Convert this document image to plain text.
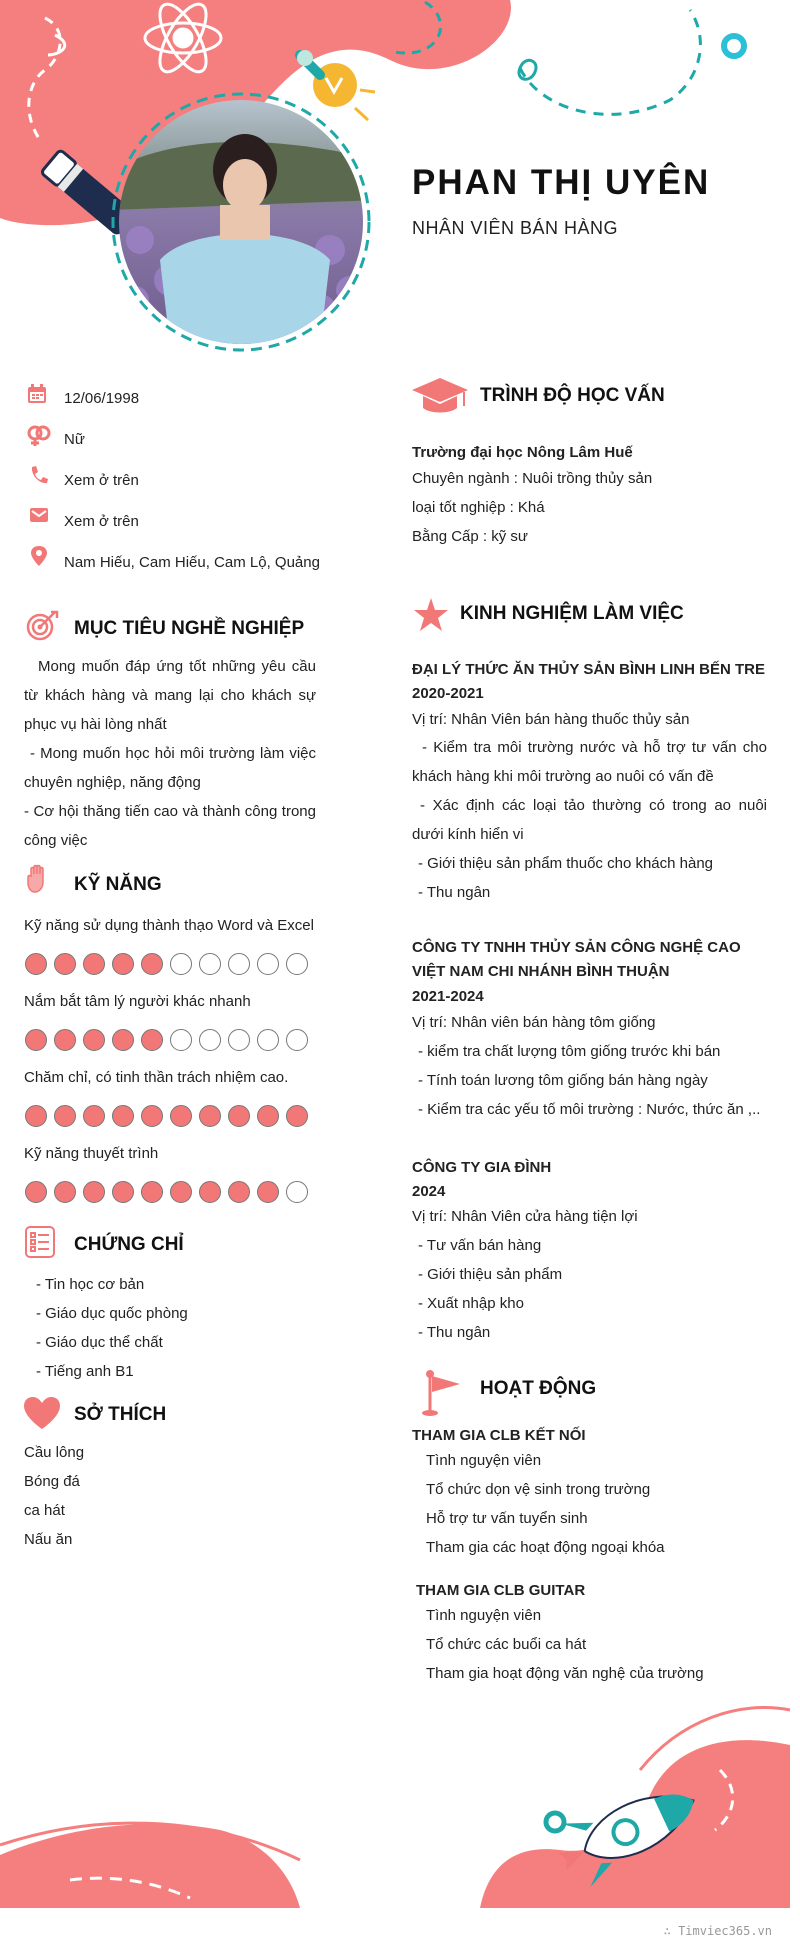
PHAN THỊ UYÊN
NHÂN VIÊN BÁN HÀNG
12/06/1998
Nữ
Xem ở trên
Xem ở trên
Nam Hiếu, Cam Hiếu, Cam Lộ, Quảng
MỤC TIÊU NGHỀ NGHIỆP
Mong muốn đáp ứng tốt những yêu cầu từ khách hàng và mang lại cho khách sự phục vụ hài lòng nhất
- Mong muốn học hỏi môi trường làm việc chuyên nghiệp, năng động
- Cơ hội thăng tiến cao và thành công trong công việc
KỸ NĂNG
Kỹ năng sử dụng thành thạo Word và Excel
Nắm bắt tâm lý người khác nhanh
Chăm chỉ, có tinh thần trách nhiệm cao.
Kỹ năng thuyết trình
CHỨNG CHỈ
- Tin học cơ bản
- Giáo dục quốc phòng
- Giáo dục thể chất
- Tiếng anh B1
SỞ THÍCH
Cầu lông
Bóng đá
ca hát
Nấu ăn
TRÌNH ĐỘ HỌC VẤN
Trường đại học Nông Lâm Huế
Chuyên ngành : Nuôi trồng thủy sản
loại tốt nghiệp : Khá
Bằng Cấp : kỹ sư
KINH NGHIỆM LÀM VIỆC
ĐẠI LÝ THỨC ĂN THỦY SẢN BÌNH LINH BẾN TRE
2020-2021
Vị trí: Nhân Viên bán hàng thuốc thủy sản
- Kiểm tra môi trường nước và hỗ trợ tư vấn cho khách hàng khi môi trường ao nuôi có vấn đề
- Xác định các loại tảo thường có trong ao nuôi dưới kính hiển vi
- Giới thiệu sản phẩm thuốc cho khách hàng
- Thu ngân
CÔNG TY TNHH THỦY SẢN CÔNG NGHỆ CAO VIỆT NAM CHI NHÁNH BÌNH THUẬN
2021-2024
Vị trí: Nhân viên bán hàng tôm giống
- kiểm tra chất lượng tôm giống trước khi bán
- Tính toán lương tôm giống bán hàng ngày
- Kiểm tra các yếu tố môi trường : Nước, thức ăn ,..
CÔNG TY GIA ĐÌNH
2024
Vị trí: Nhân Viên cửa hàng tiện lợi
- Tư vấn bán hàng
- Giới thiệu sản phẩm
- Xuất nhập kho
- Thu ngân
HOẠT ĐỘNG
THAM GIA CLB KẾT NỐI
Tình nguyện viên
Tổ chức dọn vệ sinh trong trường
Hỗ trợ tư vấn tuyển sinh
Tham gia các hoạt động ngoại khóa
THAM GIA CLB GUITAR
Tình nguyện viên
Tổ chức các buổi ca hát
Tham gia hoạt động văn nghệ của trường
∴ Timviec365.vn
